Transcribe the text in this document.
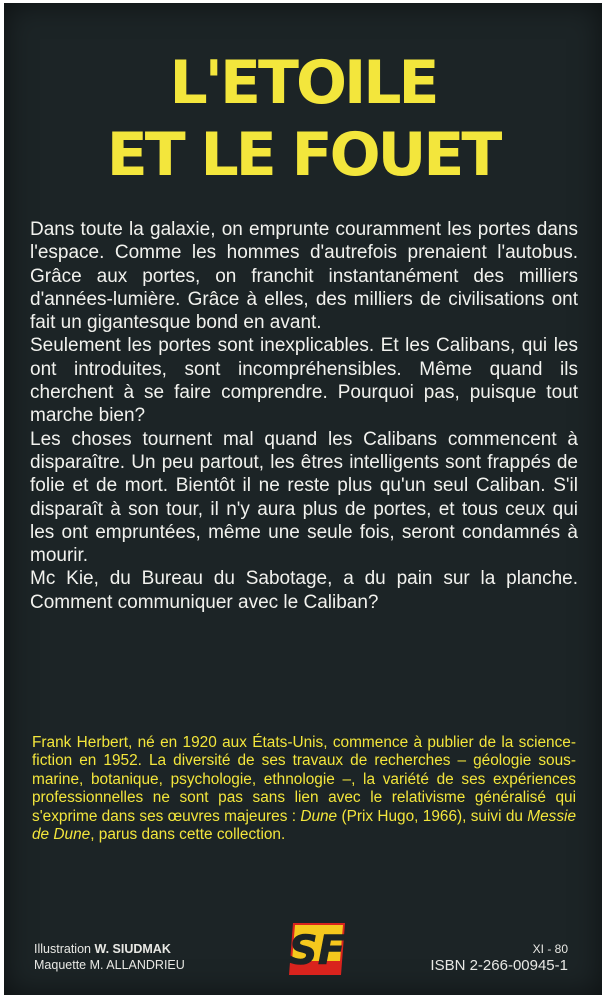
L'ETOILE
ET LE FOUET

Dans toute la galaxie, on emprunte couramment les portes dans l'espace. Comme les hommes d'autrefois prenaient l'autobus. Grâce aux portes, on franchit instantanément des milliers d'années-lumière. Grâce à elles, des milliers de civilisations ont fait un gigantesque bond en avant.

Seulement les portes sont inexplicables. Et les Calibans, qui les ont introduites, sont incompréhensibles. Même quand ils cherchent à se faire comprendre. Pourquoi pas, puisque tout marche bien?

Les choses tournent mal quand les Calibans commencent à disparaître. Un peu partout, les êtres intelligents sont frappés de folie et de mort. Bientôt il ne reste plus qu'un seul Caliban. S'il disparaît à son tour, il n'y aura plus de portes, et tous ceux qui les ont empruntées, même une seule fois, seront condamnés à mourir.

Mc Kie, du Bureau du Sabotage, a du pain sur la planche. Comment communiquer avec le Caliban?

Frank Herbert, né en 1920 aux États-Unis, commence à publier de la science-fiction en 1952. La diversité de ses travaux de recherches – géologie sous-marine, botanique, psychologie, ethnologie –, la variété de ses expériences professionnelles ne sont pas sans lien avec le relativisme généralisé qui s'exprime dans ses œuvres majeures : Dune (Prix Hugo, 1966), suivi du Messie de Dune, parus dans cette collection.

Illustration W. SIUDMAK
Maquette M. ALLANDRIEU	SF	XI - 80
ISBN 2-266-00945-1
